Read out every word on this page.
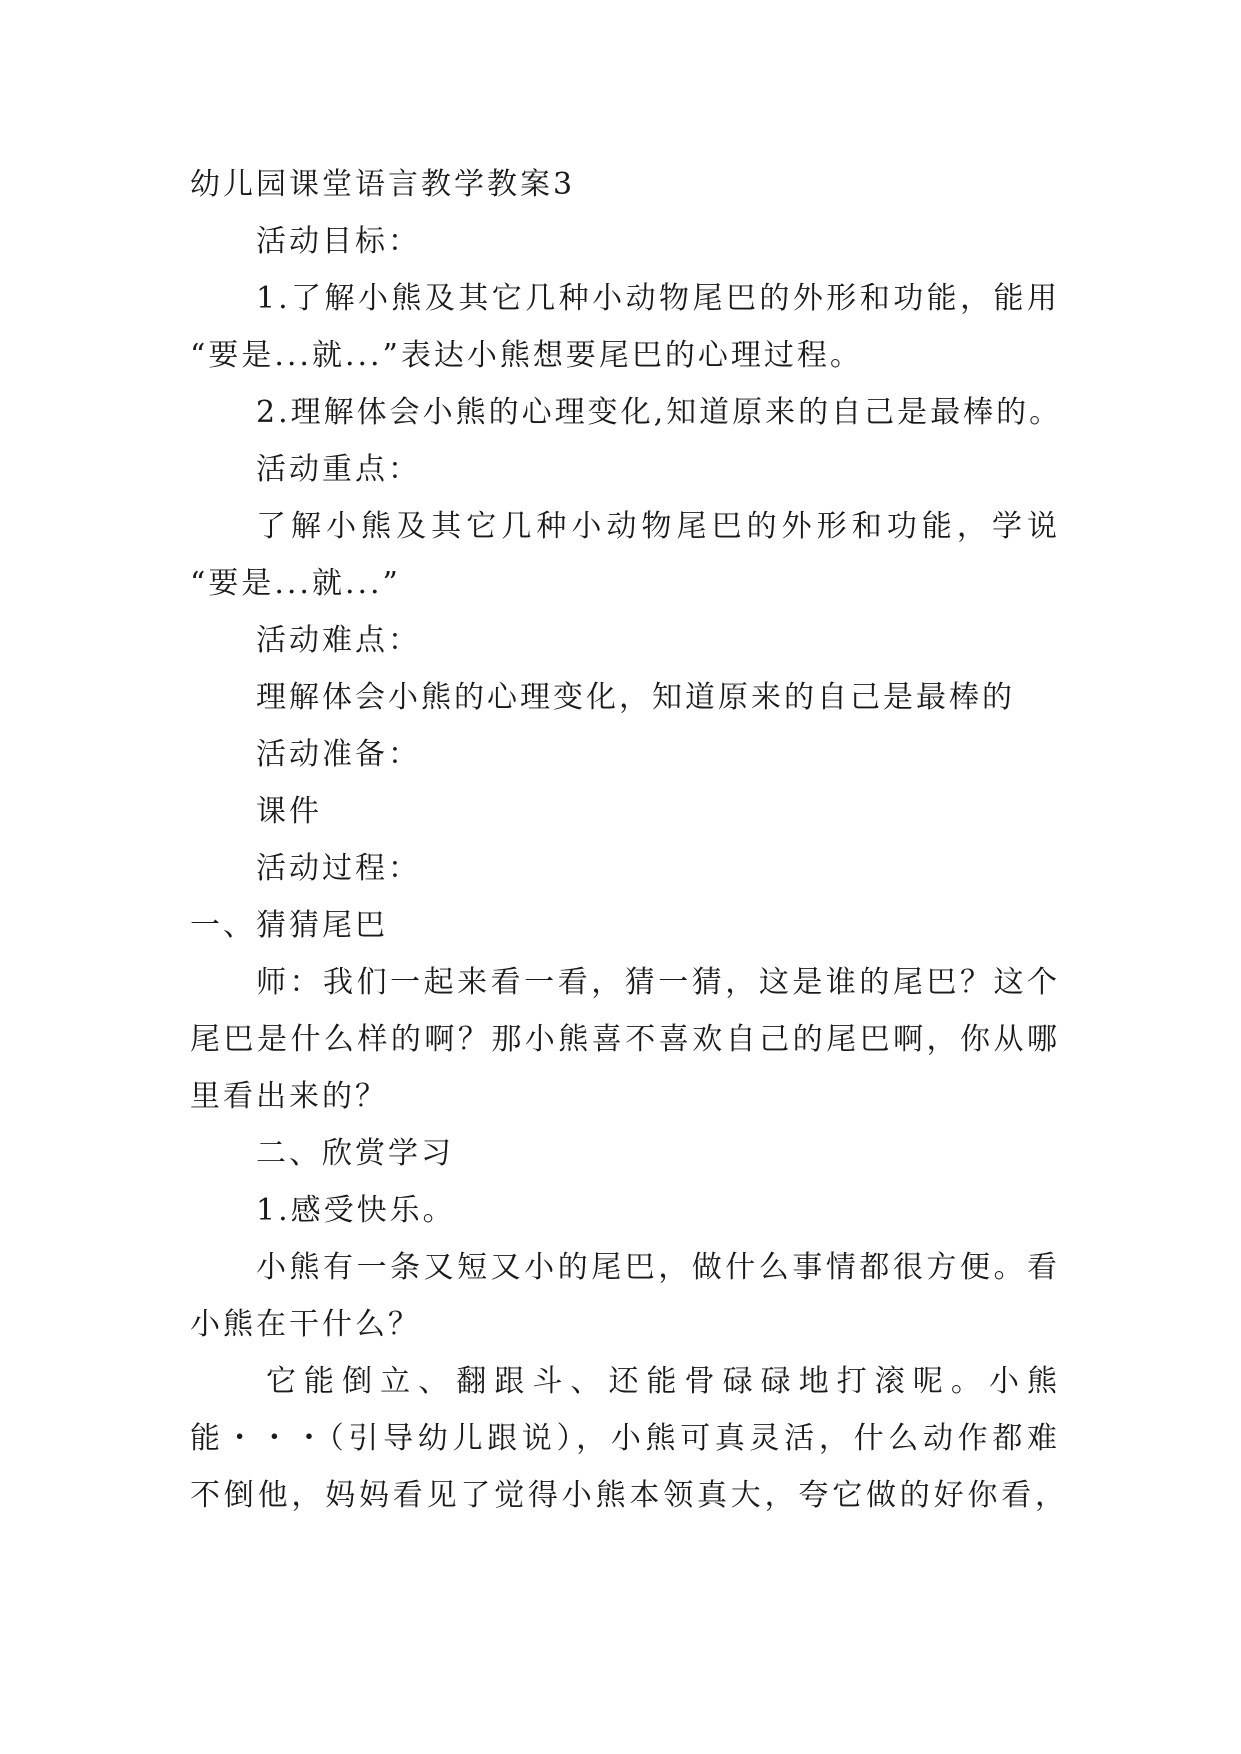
幼儿园课堂语言教学教案3

活动目标：

1.了解小熊及其它几种小动物尾巴的外形和功能，能用

“要是...就...”表达小熊想要尾巴的心理过程。

2.理解体会小熊的心理变化,知道原来的自己是最棒的。

活动重点：

了解小熊及其它几种小动物尾巴的外形和功能，学说

“要是...就...”

活动难点：

理解体会小熊的心理变化，知道原来的自己是最棒的

活动准备：

课件

活动过程：

一、猜猜尾巴

师：我们一起来看一看，猜一猜，这是谁的尾巴？这个

尾巴是什么样的啊？那小熊喜不喜欢自己的尾巴啊，你从哪

里看出来的？

二、欣赏学习

1.感受快乐。

小熊有一条又短又小的尾巴，做什么事情都很方便。看

小熊在干什么？

它能倒立、翻跟斗、还能骨碌碌地打滚呢。小熊

能・・・（引导幼儿跟说），小熊可真灵活，什么动作都难

不倒他，妈妈看见了觉得小熊本领真大，夸它做的好你看，
